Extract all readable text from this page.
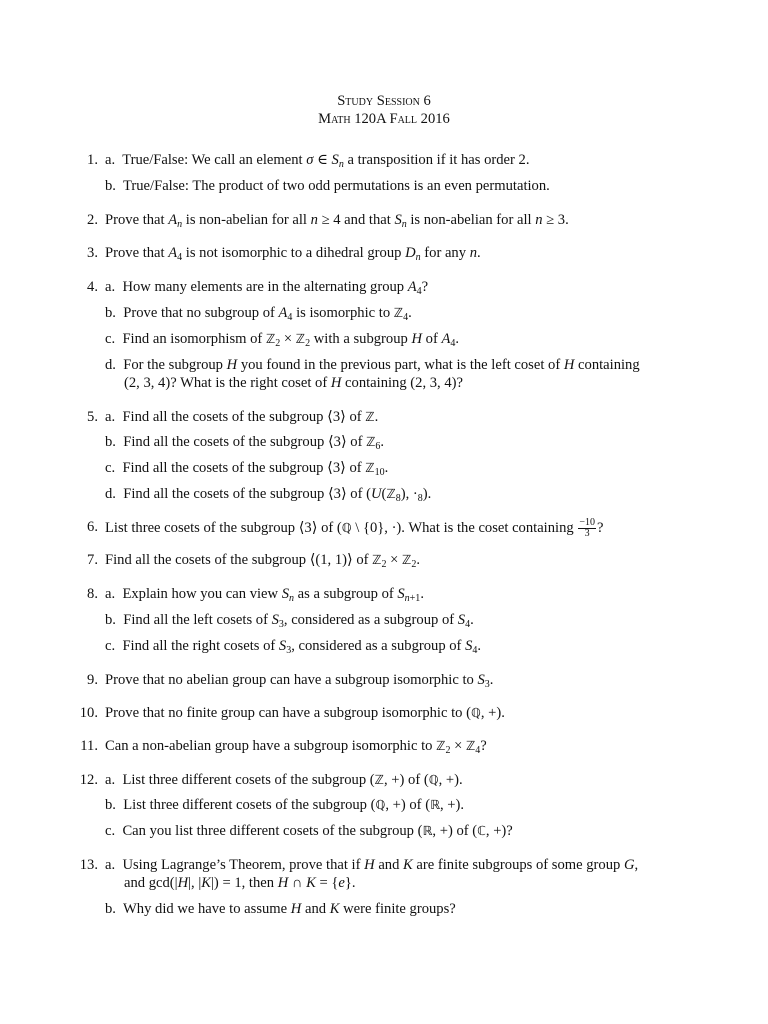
Study Session 6
Math 120A Fall 2016
1. a. True/False: We call an element σ ∈ $S_n$ a transposition if it has order 2.
b. True/False: The product of two odd permutations is an even permutation.
2. Prove that $A_n$ is non-abelian for all n ≥ 4 and that $S_n$ is non-abelian for all n ≥ 3.
3. Prove that $A_4$ is not isomorphic to a dihedral group $D_n$ for any n.
4. a. How many elements are in the alternating group $A_4$?
b. Prove that no subgroup of $A_4$ is isomorphic to ℤ$_4$.
c. Find an isomorphism of ℤ$_2$ × ℤ$_2$ with a subgroup H of $A_4$.
d. For the subgroup H you found in the previous part, what is the left coset of H containing
(2, 3, 4)? What is the right coset of H containing (2, 3, 4)?
5. a. Find all the cosets of the subgroup ⟨3⟩ of ℤ.
b. Find all the cosets of the subgroup ⟨3⟩ of ℤ$_6$.
c. Find all the cosets of the subgroup ⟨3⟩ of ℤ$_{10}$.
d. Find all the cosets of the subgroup ⟨3⟩ of (U(ℤ$_8$), $\cdot_8$).
6. List three cosets of the subgroup ⟨3⟩ of (ℚ \ {0}, ·). What is the coset containing $\frac{-10}{3}$ ?
7. Find all the cosets of the subgroup ⟨(1, 1)⟩ of ℤ$_2$ × ℤ$_2$.
8. a. Explain how you can view $S_n$ as a subgroup of $S_{n+1}$.
b. Find all the left cosets of $S_3$, considered as a subgroup of $S_4$.
c. Find all the right cosets of $S_3$, considered as a subgroup of $S_4$.
9. Prove that no abelian group can have a subgroup isomorphic to $S_3$.
10. Prove that no finite group can have a subgroup isomorphic to (ℚ, +).
11. Can a non-abelian group have a subgroup isomorphic to ℤ$_2$ × ℤ$_4$?
12. a. List three different cosets of the subgroup (ℤ, +) of (ℚ, +).
b. List three different cosets of the subgroup (ℚ, +) of (ℝ, +).
c. Can you list three different cosets of the subgroup (ℝ, +) of (ℂ, +)?
13. a. Using Lagrange’s Theorem, prove that if H and K are finite subgroups of some group G,
and gcd(|H|, |K|) = 1, then H ∩ K = {e}.
b. Why did we have to assume H and K were finite groups?
